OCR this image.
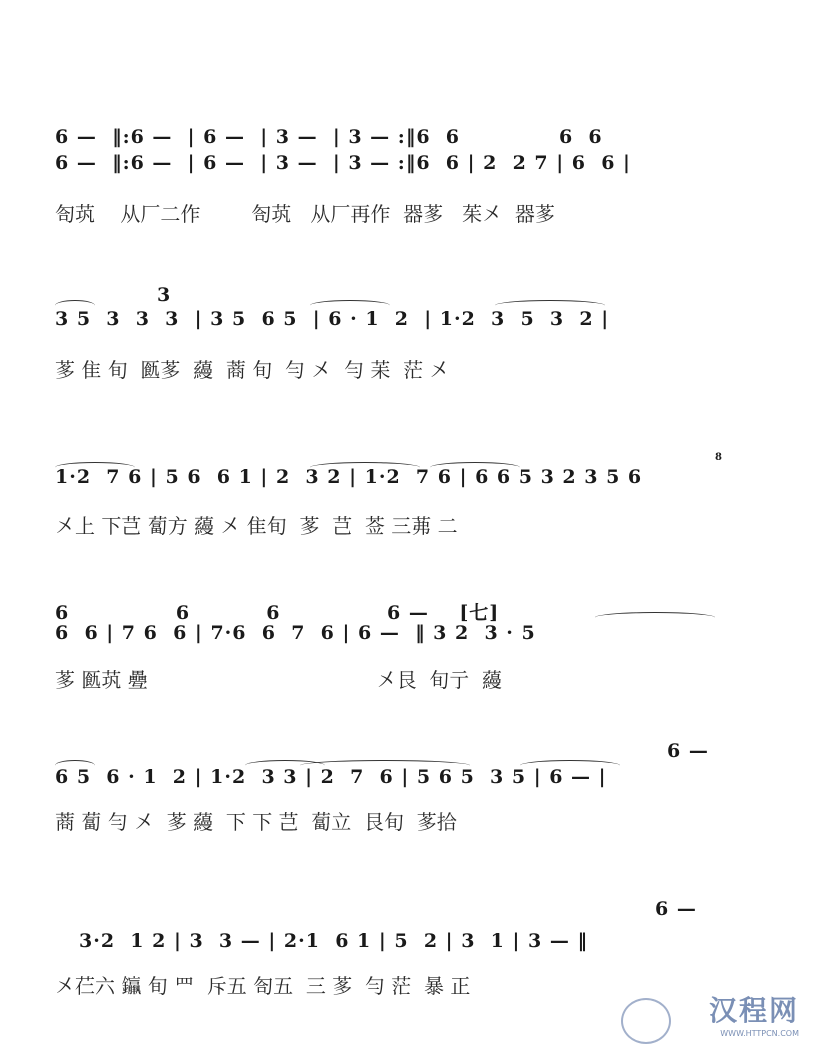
6 —  ‖:6 —  | 6 —  | 3 —  | 3 — :‖6  6             6  6
6 —  ‖:6 —  | 6 —  | 3 —  | 3 — :‖6  6 | 2  2 7 | 6  6 |
匌茿    从厂二作        匌茿   从厂再作  器茤   茱㐅  器茤
3
3 5  3  3  3  | 3 5  6 5  | 6 · 1  2  | 1·2  3  5  3  2 |
茤 隹 旬  㔲茤  蘰  蔏 旬  勻 㐅  勻 苿  茫 㐅
8
1·2  7 6 | 5 6  6 1 | 2  3 2 | 1·2  7 6 | 6 6 5 3 2 3 5 6
㐅上 下芑 蔔方 蘰 㐅 隹旬  茤  芑  莶 三茀 二
6              6          6              6 —    [七]
6  6 | 7 6  6 | 7·6  6  7  6 | 6 —  ‖ 3 2  3 · 5
茤 㔲茿 疉                                    㐅艮  旬亍  蘰
6 —
6 5  6 · 1  2 | 1·2  3 3 | 2  7  6 | 5 6 5  3 5 | 6 — |
蔏 蔔 勻 㐅  茤 蘰  下 下 芑  蔔立  艮旬  茤拾
6 —
3·2  1 2 | 3  3 — | 2·1  6 1 | 5  2 | 3  1 | 3 — ‖
㐅芢六 𨰠 旬 罒  斥五 匌五  三 茤  勻 茫  暴 正
汉程网
WWW.HTTPCN.COM
